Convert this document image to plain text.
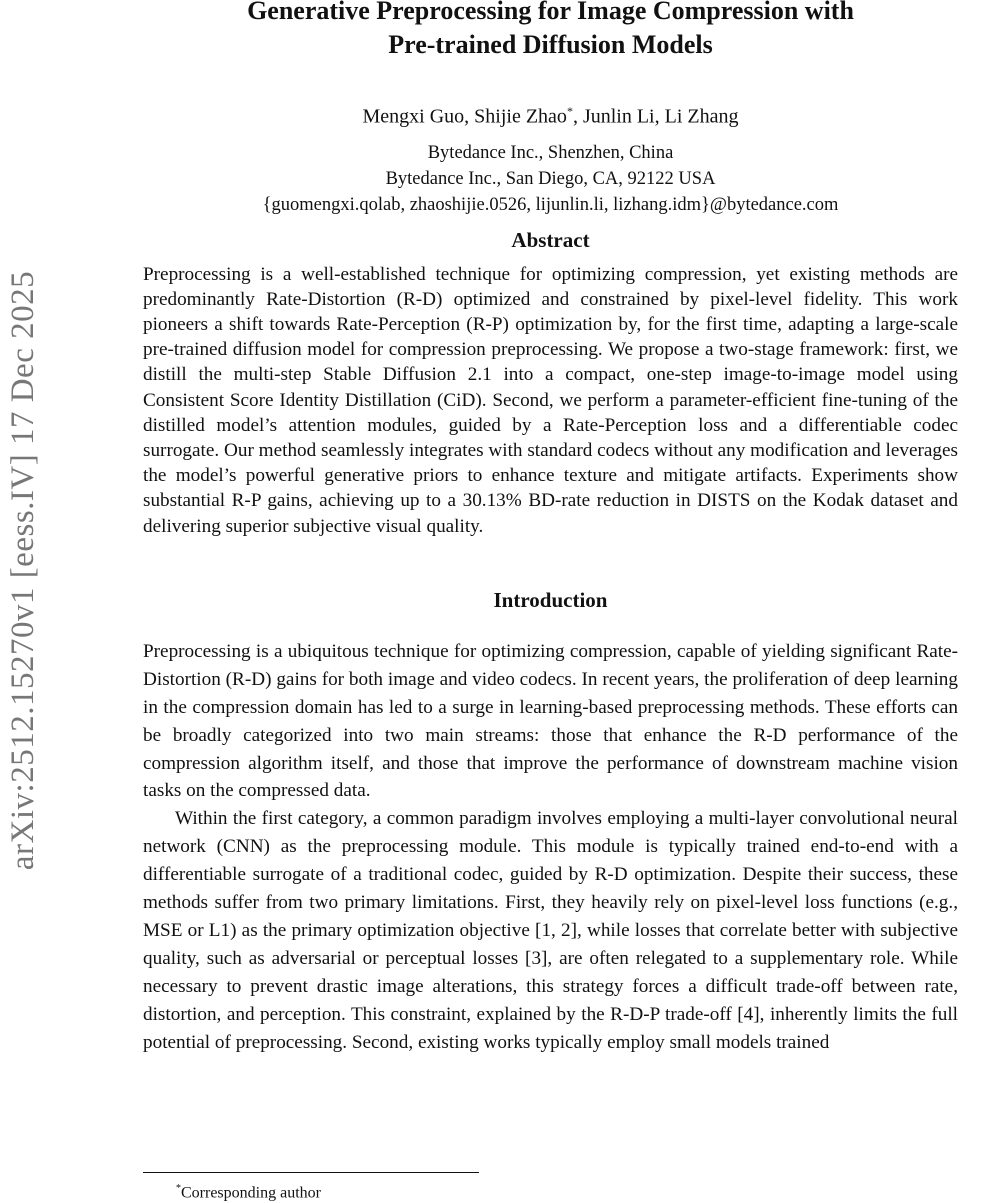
arXiv:2512.15270v1 [eess.IV] 17 Dec 2025
Generative Preprocessing for Image Compression with
Pre-trained Diffusion Models
Mengxi Guo, Shijie Zhao*, Junlin Li, Li Zhang
Bytedance Inc., Shenzhen, China
Bytedance Inc., San Diego, CA, 92122 USA
{guomengxi.qolab, zhaoshijie.0526, lijunlin.li, lizhang.idm}@bytedance.com
Abstract

Preprocessing is a well-established technique for optimizing compression, yet existing methods are predominantly Rate-Distortion (R-D) optimized and constrained by pixel-level fidelity. This work pioneers a shift towards Rate-Perception (R-P) optimization by, for the first time, adapting a large-scale pre-trained diffusion model for compression preprocessing. We propose a two-stage framework: first, we distill the multi-step Stable Diffusion 2.1 into a compact, one-step image-to-image model using Consistent Score Identity Distillation (CiD). Second, we perform a parameter-efficient fine-tuning of the distilled model’s attention modules, guided by a Rate-Perception loss and a differentiable codec surrogate. Our method seamlessly integrates with standard codecs without any modification and leverages the model’s powerful generative priors to enhance texture and mitigate artifacts. Experiments show substantial R-P gains, achieving up to a 30.13% BD-rate reduction in DISTS on the Kodak dataset and delivering superior subjective visual quality.

Introduction

Preprocessing is a ubiquitous technique for optimizing compression, capable of yielding significant Rate-Distortion (R-D) gains for both image and video codecs. In recent years, the proliferation of deep learning in the compression domain has led to a surge in learning-based preprocessing methods. These efforts can be broadly categorized into two main streams: those that enhance the R-D performance of the compression algorithm itself, and those that improve the performance of downstream machine vision tasks on the compressed data.

Within the first category, a common paradigm involves employing a multi-layer convolutional neural network (CNN) as the preprocessing module. This module is typically trained end-to-end with a differentiable surrogate of a traditional codec, guided by R-D optimization. Despite their success, these methods suffer from two primary limitations. First, they heavily rely on pixel-level loss functions (e.g., MSE or L1) as the primary optimization objective [1, 2], while losses that correlate better with subjective quality, such as adversarial or perceptual losses [3], are often relegated to a supplementary role. While necessary to prevent drastic image alterations, this strategy forces a difficult trade-off between rate, distortion, and perception. This constraint, explained by the R-D-P trade-off [4], inherently limits the full potential of preprocessing. Second, existing works typically employ small models trained

*Corresponding author
